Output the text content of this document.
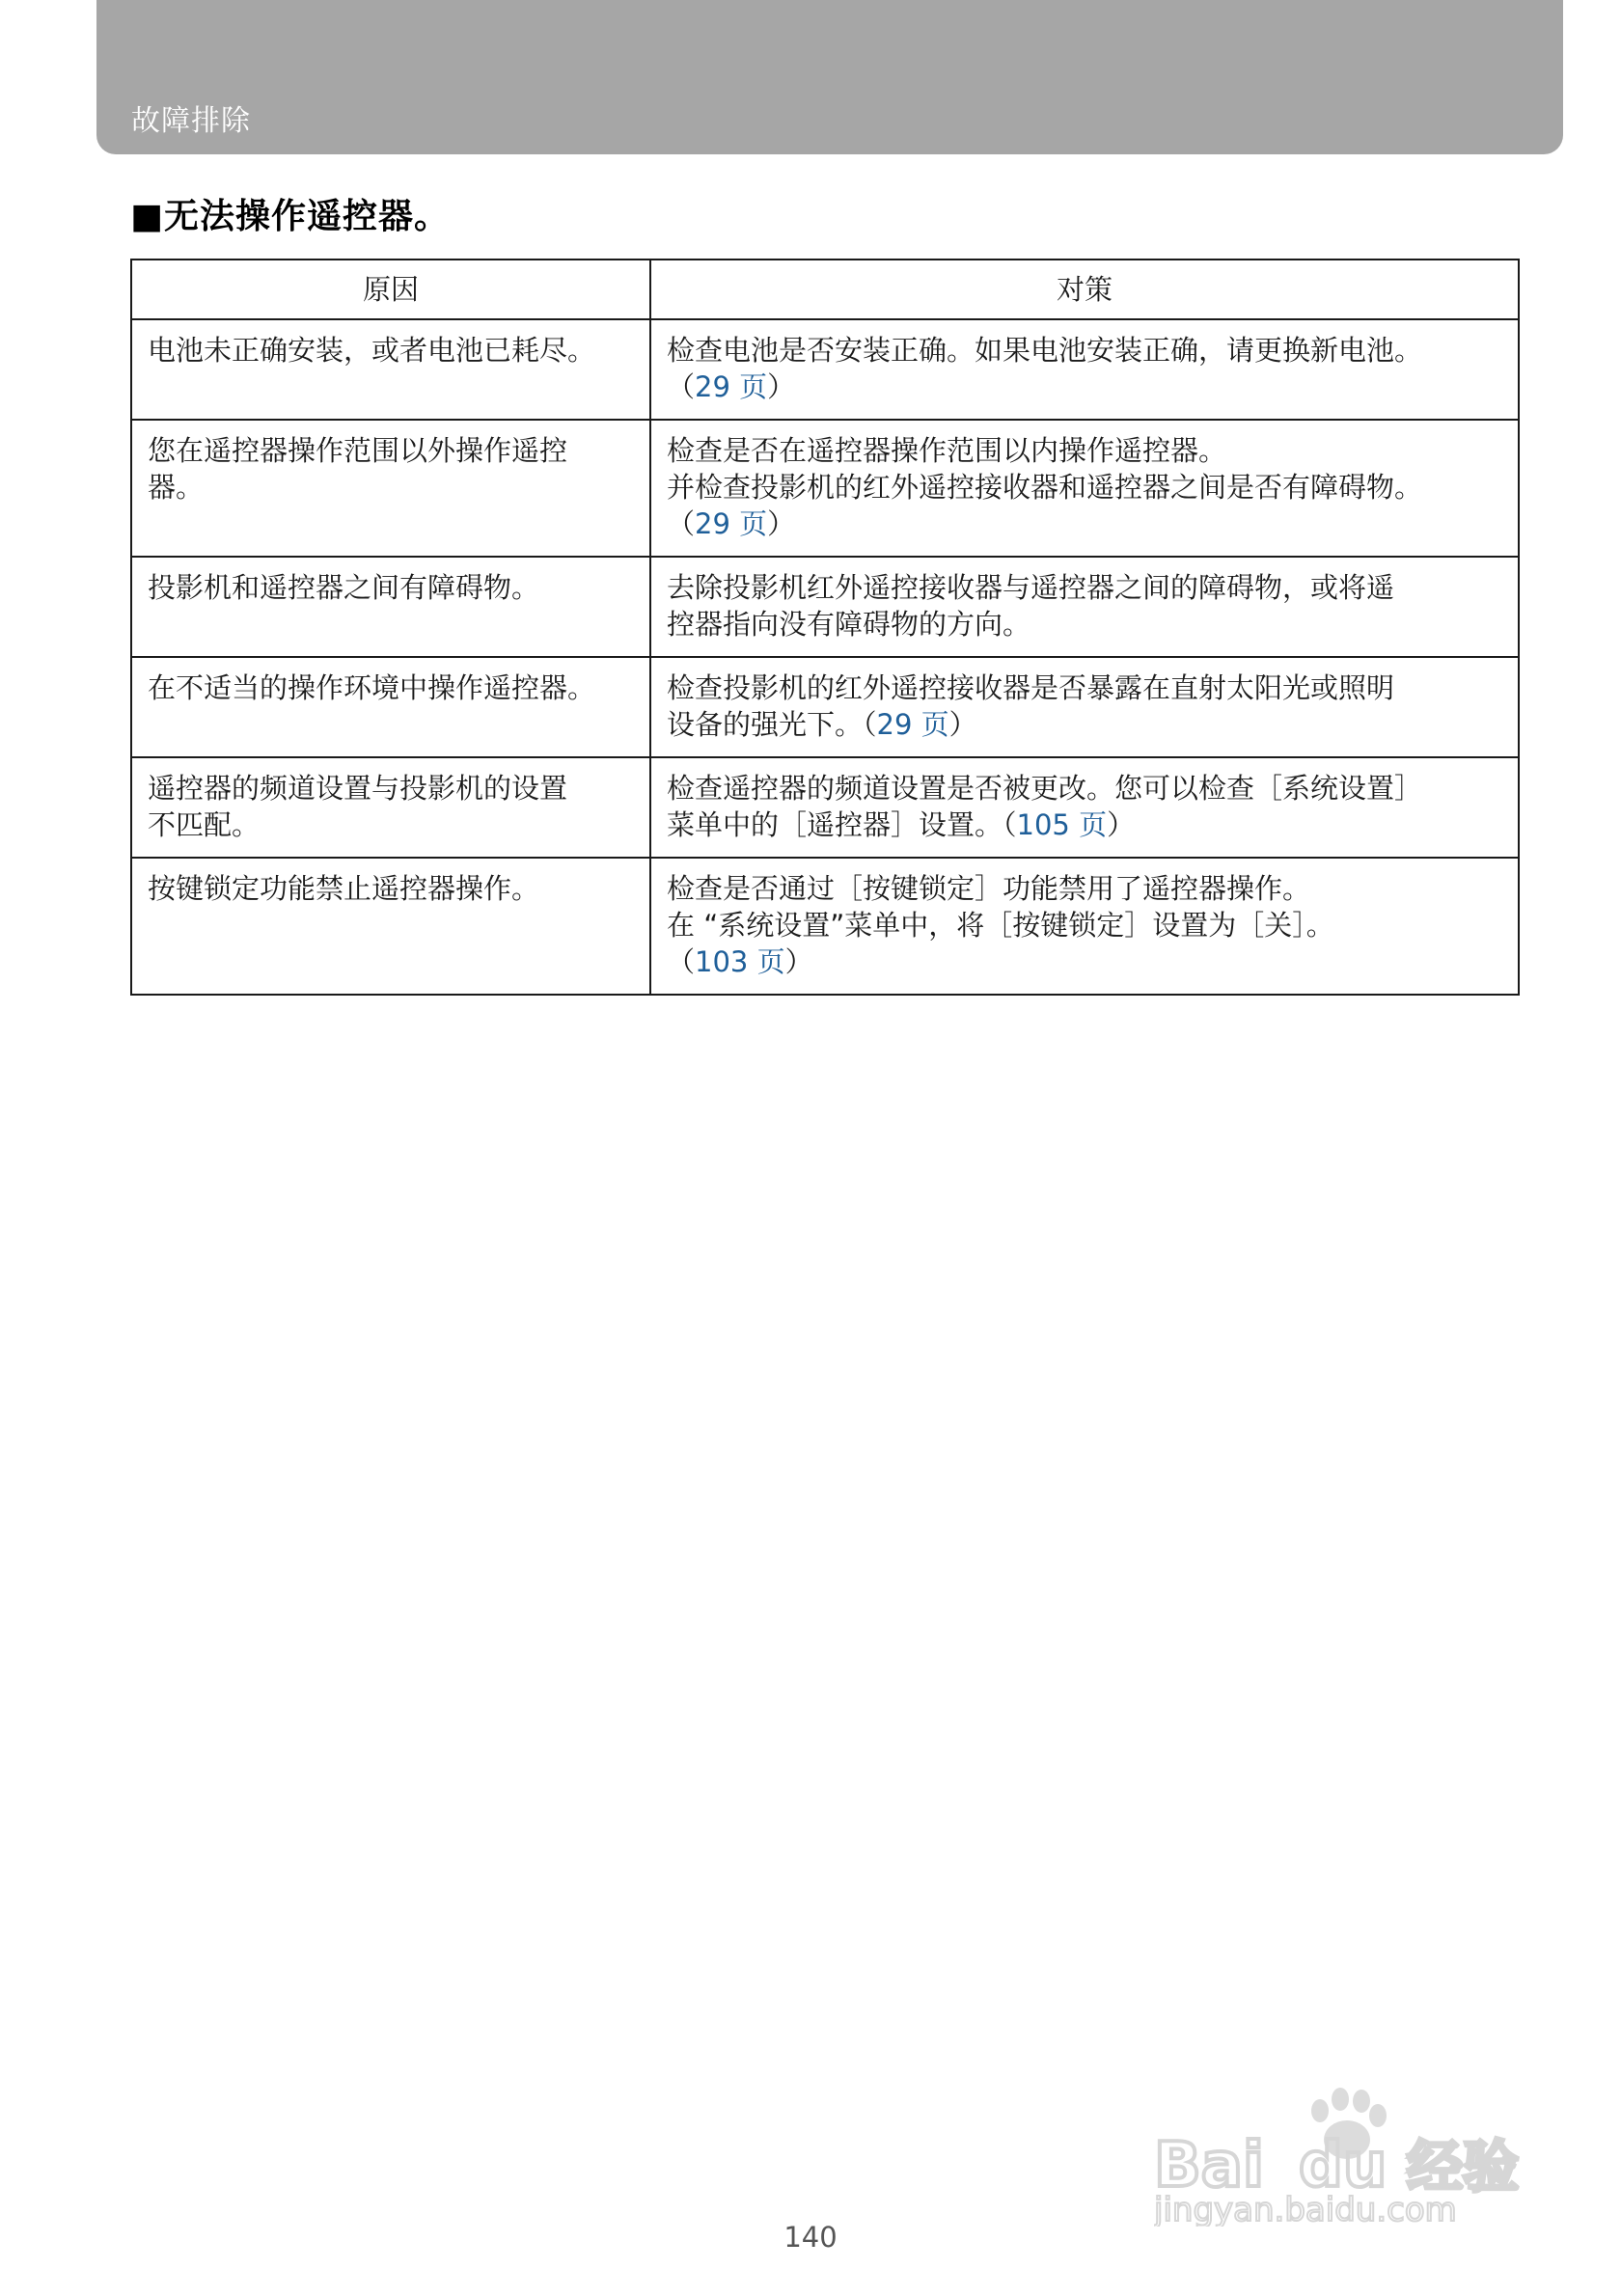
故障排除
■无法操作遥控器。
原因	对策

电池未正确安装，或者电池已耗尽。	检查电池是否安装正确。如果电池安装正确，请更换新电池。
（29 页）

您在遥控器操作范围以外操作遥控
器。	检查是否在遥控器操作范围以内操作遥控器。
并检查投影机的红外遥控接收器和遥控器之间是否有障碍物。
（29 页）

投影机和遥控器之间有障碍物。	去除投影机红外遥控接收器与遥控器之间的障碍物，或将遥
控器指向没有障碍物的方向。

在不适当的操作环境中操作遥控器。	检查投影机的红外遥控接收器是否暴露在直射太阳光或照明
设备的强光下。（29 页）

遥控器的频道设置与投影机的设置
不匹配。	检查遥控器的频道设置是否被更改。您可以检查［系统设置］
菜单中的［遥控器］设置。（105 页）

按键锁定功能禁止遥控器操作。	检查是否通过［按键锁定］功能禁用了遥控器操作。
在 “系统设置”菜单中，将［按键锁定］设置为［关］。
（103 页）
140
Bai du 经验
jingyan.baidu.com
